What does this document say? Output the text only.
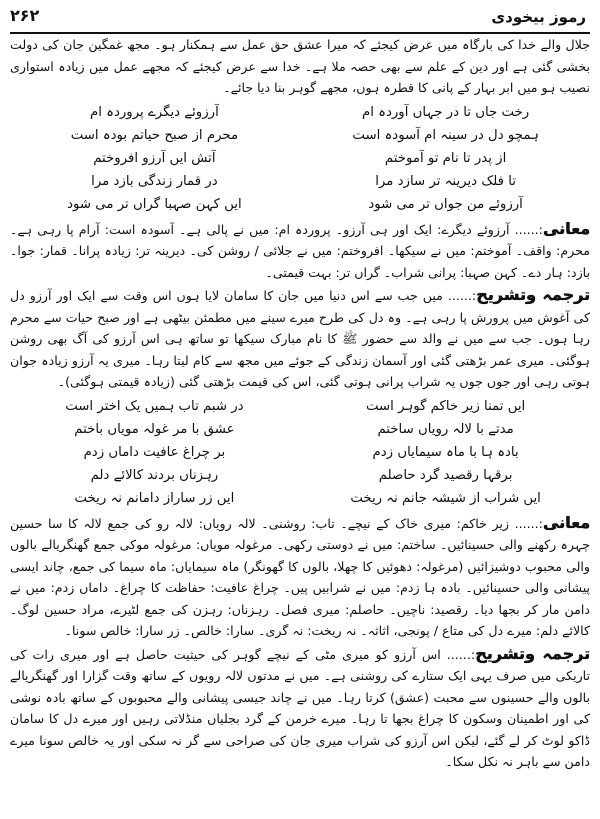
رموز بیخودی
۲۶۲

جلال والے خدا کی بارگاہ میں عرض کیجئے کہ میرا عشق حق عمل سے ہمکنار ہو۔ مجھ غمگین جان کی دولت بخشی گئی ہے اور دین کے علم سے بھی حصہ ملا ہے۔ خدا سے عرض کیجئے کہ مجھے عمل میں زیادہ استواری نصیب ہو میں ابر بہار کے پانی کا قطرہ ہوں، مجھے گوہر بنا دیا جائے۔

رخت جاں تا در جہاں آوردہ ام
آرزوئے دیگرے پروردہ ام
ہمچو دل در سینہ ام آسودہ است
محرم از صبح حیاتم بودہ است
از پدر تا نام تو آموختم
آتش ایں آرزو افروختم
تا فلک دیرینہ تر سازد مرا
در قمار زندگی بازد مرا
آرزوئے من جواں تر می شود
ایں کہن صہبا گراں تر می شود

معانی:...... آرزوئے دیگرے: ایک اور ہی آرزو۔ پروردہ ام: میں نے پالی ہے۔ آسودہ است: آرام پا رہی ہے۔ محرم: واقف۔ آموختم: میں نے سیکھا۔ افروختم: میں نے جلائی / روشن کی۔ دیرینہ تر: زیادہ پرانا۔ قمار: جوا۔ بازد: ہار دے۔ کہن صہبا: پرانی شراب۔ گراں تر: بہت قیمتی۔

ترجمہ وتشریح:...... میں جب سے اس دنیا میں جان کا سامان لایا ہوں اس وقت سے ایک اور آرزو دل کی آغوش میں پرورش پا رہی ہے۔ وہ دل کی طرح میرے سینے میں مطمئن بیٹھی ہے اور صبح حیات سے محرم رہا ہوں۔ جب سے میں نے والد سے حضور ﷺ کا نام مبارک سیکھا تو ساتھ ہی اس آرزو کی آگ بھی روشن ہوگئی۔ میری عمر بڑھتی گئی اور آسمان زندگی کے جوئے میں مجھ سے کام لیتا رہا۔ میری یہ آرزو زیادہ جوان ہوتی رہی اور جوں جوں یہ شراب پرانی ہوتی گئی، اس کی قیمت بڑھتی گئی (زیادہ قیمتی ہوگئی)۔

ایں تمنا زیر خاکم گوہر است
در شبم تاب ہمیں یک اختر است
مدتے با لالہ رویاں ساختم
عشق با مر غولہ مویاں باختم
بادہ ہا با ماہ سیمایاں زدم
بر چراغ عافیت داماں زدم
برقہا رقصید گرد حاصلم
رہزناں بردند کالائے دلم
ایں شراب از شیشہ جانم نہ ریخت
ایں زر ساراز دامانم نہ ریخت

معانی:...... زیر خاکم: میری خاک کے نیچے۔ تاب: روشنی۔ لالہ رویاں: لالہ رو کی جمع لالہ کا سا حسین چہرہ رکھنے والی حسینائیں۔ ساختم: میں نے دوستی رکھی۔ مرغولہ مویاں: مرغولہ موکی جمع گھنگریالے بالوں والی محبوب دوشیزائیں (مرغولہ: دھوئیں کا چھلا، بالوں کا گھونگر) ماہ سیمایاں: ماہ سیما کی جمع، چاند ایسی پیشانی والی حسینائیں۔ بادہ ہا زدم: میں نے شرابیں پیں۔ چراغ عافیت: حفاظت کا چراغ۔ داماں زدم: میں نے دامن مار کر بجھا دیا۔ رقصید: ناچیں۔ حاصلم: میری فصل۔ رہزناں: رہزن کی جمع لٹیرے، مراد حسین لوگ۔ کالائے دلم: میرے دل کی متاع / پونجی، اثاثہ۔ نہ ریخت: نہ گری۔ سارا: خالص۔ زر سارا: خالص سونا۔

ترجمہ وتشریح:...... اس آرزو کو میری مٹی کے نیچے گوہر کی حیثیت حاصل ہے اور میری رات کی تاریکی میں صرف یہی ایک ستارے کی روشنی ہے۔ میں نے مدتوں لالہ رویوں کے ساتھ وقت گزارا اور گھنگریالے بالوں والے حسینوں سے محبت (عشق) کرتا رہا۔ میں نے چاند جیسی پیشانی والے محبوبوں کے ساتھ بادہ نوشی کی اور اطمینان وسکون کا چراغ بجھا تا رہا۔ میرے خرمن کے گرد بجلیاں منڈلاتی رہیں اور میرے دل کا سامان ڈاکو لوٹ کر لے گئے، لیکن اس آرزو کی شراب میری جان کی صراحی سے گر نہ سکی اور یہ خالص سونا میرے دامن سے باہر نہ نکل سکا۔
